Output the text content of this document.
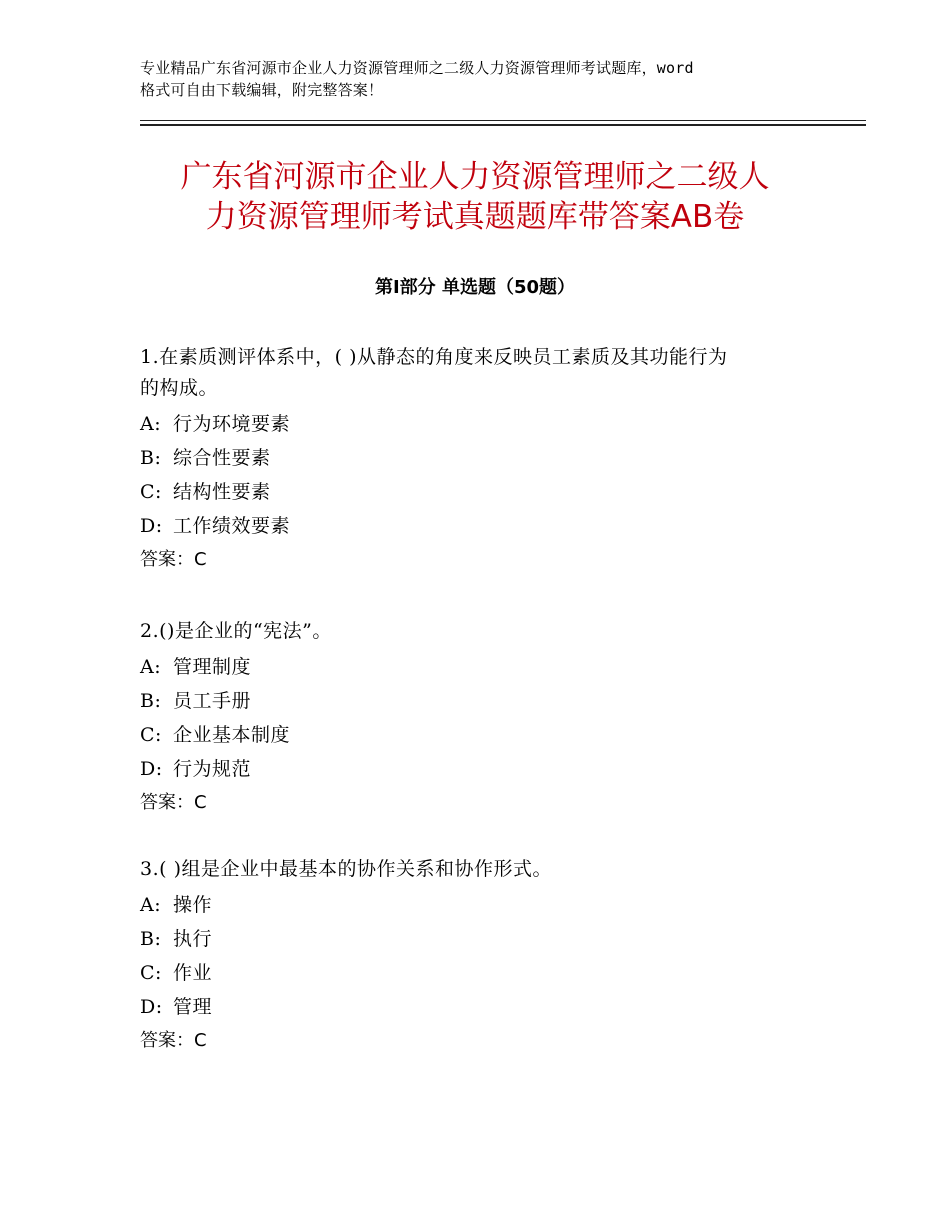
专业精品广东省河源市企业人力资源管理师之二级人力资源管理师考试题库，word
格式可自由下载编辑，附完整答案！
广东省河源市企业人力资源管理师之二级人
力资源管理师考试真题题库带答案AB卷
第Ⅰ部分 单选题（50题）
1.在素质测评体系中，( )从静态的角度来反映员工素质及其功能行为
的构成。
A: 行为环境要素
B: 综合性要素
C: 结构性要素
D: 工作绩效要素
答案：C
2.()是企业的“宪法”。
A: 管理制度
B: 员工手册
C: 企业基本制度
D: 行为规范
答案：C
3.( )组是企业中最基本的协作关系和协作形式。
A: 操作
B: 执行
C: 作业
D: 管理
答案：C
